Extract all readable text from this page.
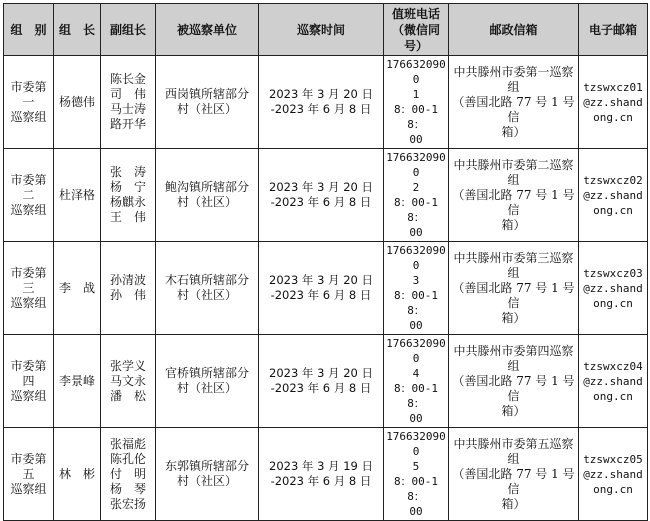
组　别	组　长	副组长	被巡察单位	巡察时间	值班电话
（微信同
号）	邮政信箱	电子邮箱
市委第一
巡察组	杨德伟	陈长金
司　伟
马士涛
路开华	西岗镇所辖部分
村（社区）	2023 年 3 月 20 日
-2023 年 6 月 8 日	1766320900
1　
8：00-18：
00	中共滕州市委第一巡察组
（善国北路 77 号 1 号信
箱）	tzswxcz01@zz.shandong.cn
市委第二
巡察组	杜泽格	张　涛
杨　宁
杨麒永
王　伟	鲍沟镇所辖部分
村（社区）	2023 年 3 月 20 日
-2023 年 6 月 8 日	1766320900
2　
8：00-18：
00	中共滕州市委第二巡察组
（善国北路 77 号 1 号信
箱）	tzswxcz02@zz.shandong.cn
市委第三
巡察组	李　战	孙清波
孙　伟	木石镇所辖部分
村（社区）	2023 年 3 月 20 日
-2023 年 6 月 8 日	1766320900
3　
8：00-18：
00	中共滕州市委第三巡察组
（善国北路 77 号 1 号信
箱）	tzswxcz03@zz.shandong.cn
市委第四
巡察组	李景峰	张学义
马文永
潘　松	官桥镇所辖部分
村（社区）	2023 年 3 月 20 日
-2023 年 6 月 8 日	1766320900
4　
8：00-18：
00	中共滕州市委第四巡察组
（善国北路 77 号 1 号信
箱）	tzswxcz04@zz.shandong.cn
市委第五
巡察组	林　彬	张福彪
陈孔伦
付　明
杨　琴
张宏扬	东郭镇所辖部分
村（社区）	2023 年 3 月 19 日
-2023 年 6 月 8 日	1766320900
5　
8：00-18：
00	中共滕州市委第五巡察组
（善国北路 77 号 1 号信
箱）	tzswxcz05@zz.shandong.cn
